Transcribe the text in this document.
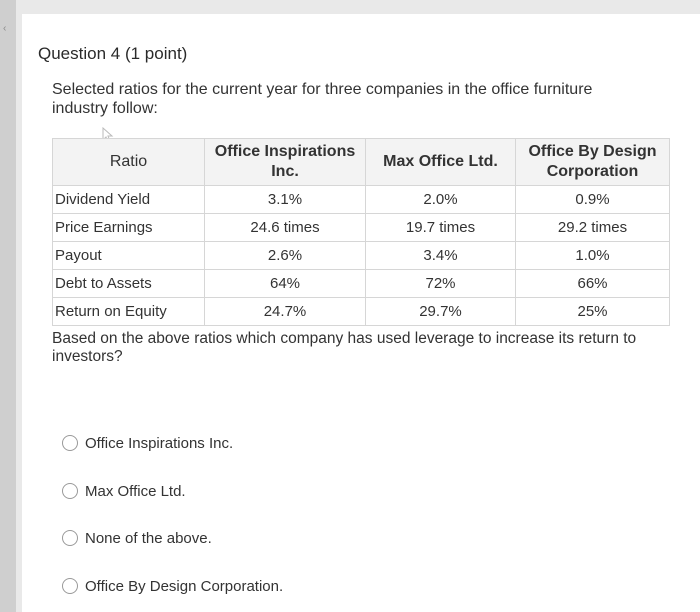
‹
Question 4 (1 point)
Selected ratios for the current year for three companies in the office furniture industry follow:
Ratio	Office Inspirations Inc.	Max Office Ltd.	Office By Design Corporation
Dividend Yield	3.1%	2.0%	0.9%
Price Earnings	24.6 times	19.7 times	29.2 times
Payout	2.6%	3.4%	1.0%
Debt to Assets	64%	72%	66%
Return on Equity	24.7%	29.7%	25%
Based on the above ratios which company has used leverage to increase its return to investors?
Office Inspirations Inc.
Max Office Ltd.
None of the above.
Office By Design Corporation.
